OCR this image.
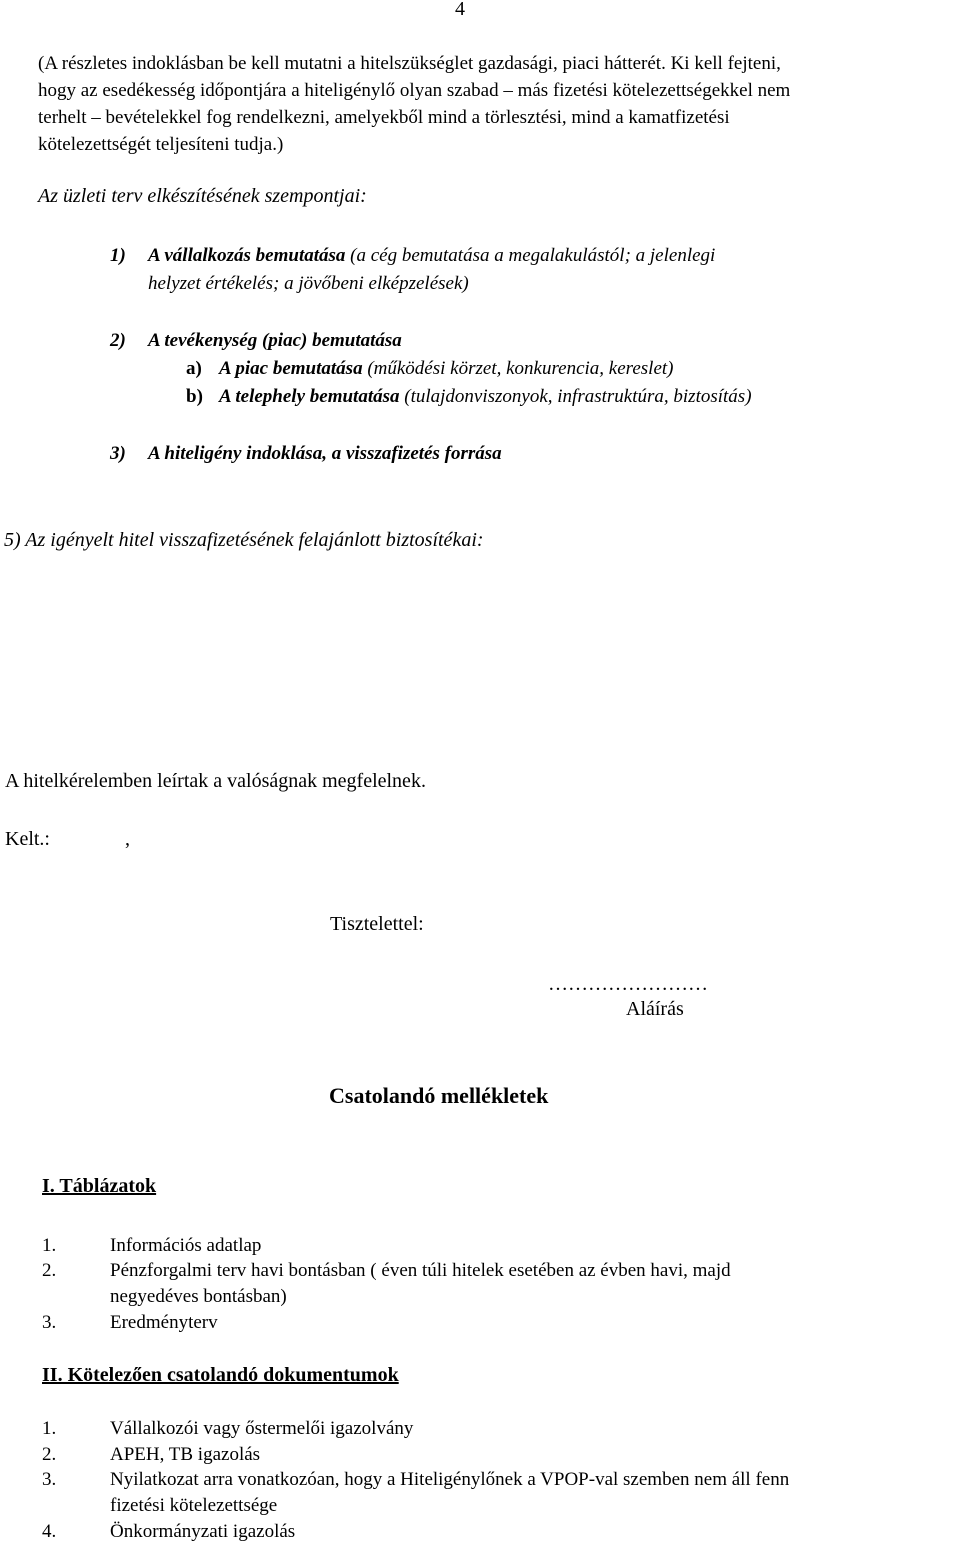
4
(A részletes indoklásban be kell mutatni a hitelszükséglet gazdasági, piaci hátterét. Ki kell fejteni,
hogy az esedékesség időpontjára a hiteligénylő olyan szabad – más fizetési kötelezettségekkel nem
terhelt – bevételekkel fog rendelkezni, amelyekből mind a törlesztési, mind a kamatfizetési
kötelezettségét teljesíteni tudja.)
Az üzleti terv elkészítésének szempontjai:
1) A vállalkozás bemutatása (a cég bemutatása a megalakulástól; a jelenlegi
helyzet értékelés; a jövőbeni elképzelések)
2) A tevékenység (piac) bemutatása
a) A piac bemutatása (működési körzet, konkurencia, kereslet)
b) A telephely bemutatása (tulajdonviszonyok, infrastruktúra, biztosítás)
3) A hiteligény indoklása, a visszafizetés forrása
5) Az igényelt hitel visszafizetésének felajánlott biztosítékai:
A hitelkérelemben leírtak a valóságnak megfelelnek.
Kelt.:	,
Tisztelettel:
……………………
Aláírás
Csatolandó mellékletek
I. Táblázatok
1.	Információs adatlap
2.	Pénzforgalmi terv havi bontásban ( éven túli hitelek esetében az évben havi, majd
negyedéves bontásban)
3.	Eredményterv
II. Kötelezően csatolandó dokumentumok
1.	Vállalkozói vagy őstermelői igazolvány
2.	APEH, TB igazolás
3.	Nyilatkozat arra vonatkozóan, hogy a Hiteligénylőnek a VPOP-val szemben nem áll fenn
fizetési kötelezettsége
4.	Önkormányzati igazolás
